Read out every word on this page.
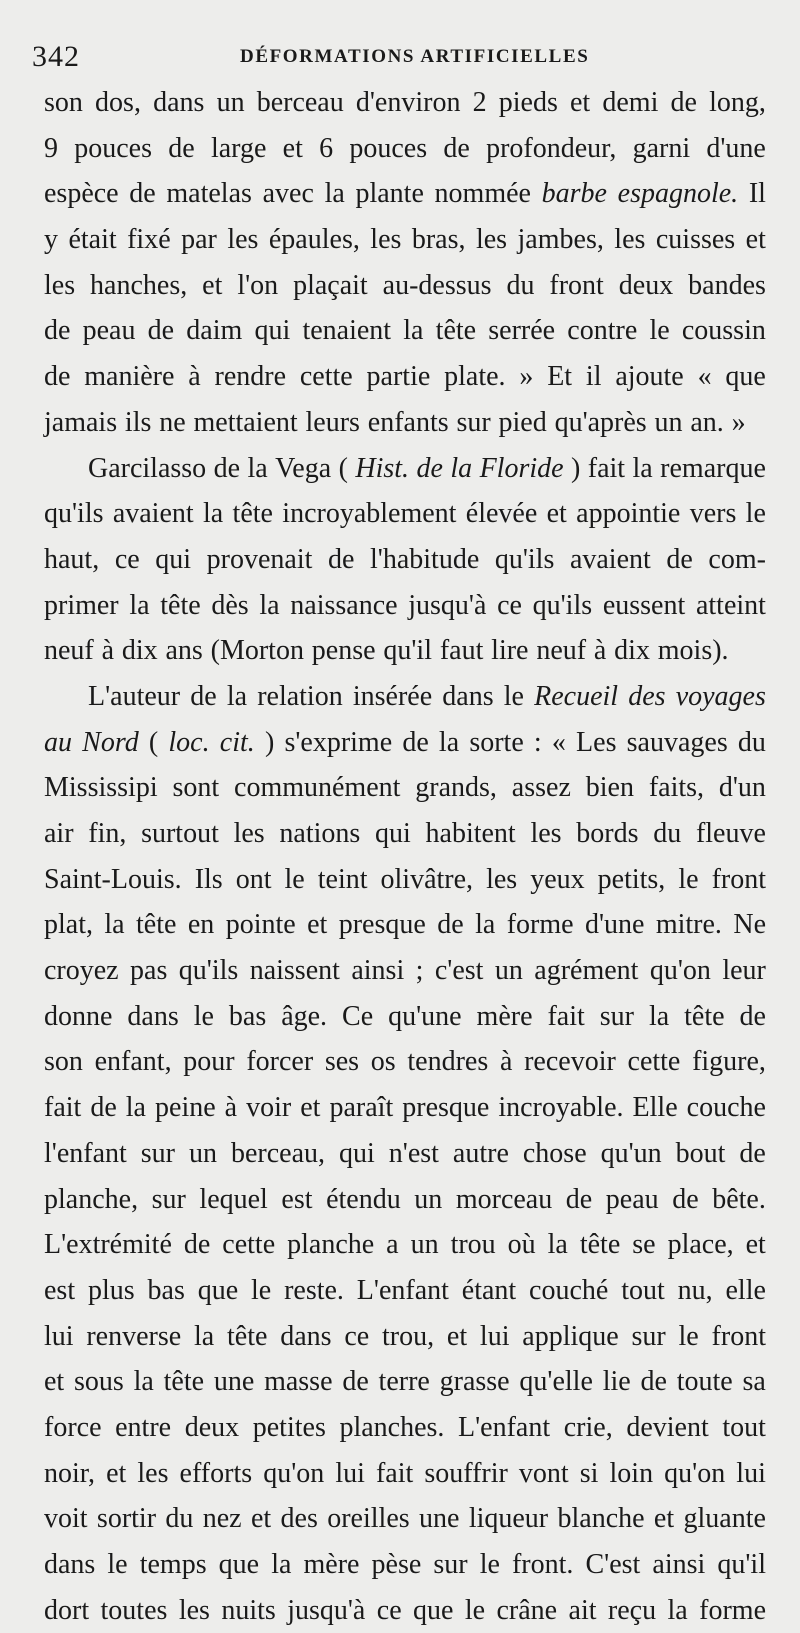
342	DÉFORMATIONS ARTIFICIELLES
son dos, dans un berceau d'environ 2 pieds et demi de long,
9 pouces de large et 6 pouces de profondeur, garni d'une
espèce de matelas avec la plante nommée barbe espagnole. Il
y était fixé par les épaules, les bras, les jambes, les cuisses et
les hanches, et l'on plaçait au-dessus du front deux bandes
de peau de daim qui tenaient la tête serrée contre le coussin
de manière à rendre cette partie plate. » Et il ajoute « que
jamais ils ne mettaient leurs enfants sur pied qu'après un an. »
Garcilasso de la Vega ( Hist. de la Floride ) fait la remarque
qu'ils avaient la tête incroyablement élevée et appointie vers le
haut, ce qui provenait de l'habitude qu'ils avaient de com-
primer la tête dès la naissance jusqu'à ce qu'ils eussent atteint
neuf à dix ans (Morton pense qu'il faut lire neuf à dix mois).
L'auteur de la relation insérée dans le Recueil des voyages
au Nord ( loc. cit. ) s'exprime de la sorte : « Les sauvages du
Mississipi sont communément grands, assez bien faits, d'un
air fin, surtout les nations qui habitent les bords du fleuve
Saint-Louis. Ils ont le teint olivâtre, les yeux petits, le front
plat, la tête en pointe et presque de la forme d'une mitre. Ne
croyez pas qu'ils naissent ainsi ; c'est un agrément qu'on leur
donne dans le bas âge. Ce qu'une mère fait sur la tête de
son enfant, pour forcer ses os tendres à recevoir cette figure,
fait de la peine à voir et paraît presque incroyable. Elle couche
l'enfant sur un berceau, qui n'est autre chose qu'un bout de
planche, sur lequel est étendu un morceau de peau de bête.
L'extrémité de cette planche a un trou où la tête se place, et
est plus bas que le reste. L'enfant étant couché tout nu, elle
lui renverse la tête dans ce trou, et lui applique sur le front
et sous la tête une masse de terre grasse qu'elle lie de toute sa
force entre deux petites planches. L'enfant crie, devient tout
noir, et les efforts qu'on lui fait souffrir vont si loin qu'on lui
voit sortir du nez et des oreilles une liqueur blanche et gluante
dans le temps que la mère pèse sur le front. C'est ainsi qu'il
dort toutes les nuits jusqu'à ce que le crâne ait reçu la forme
